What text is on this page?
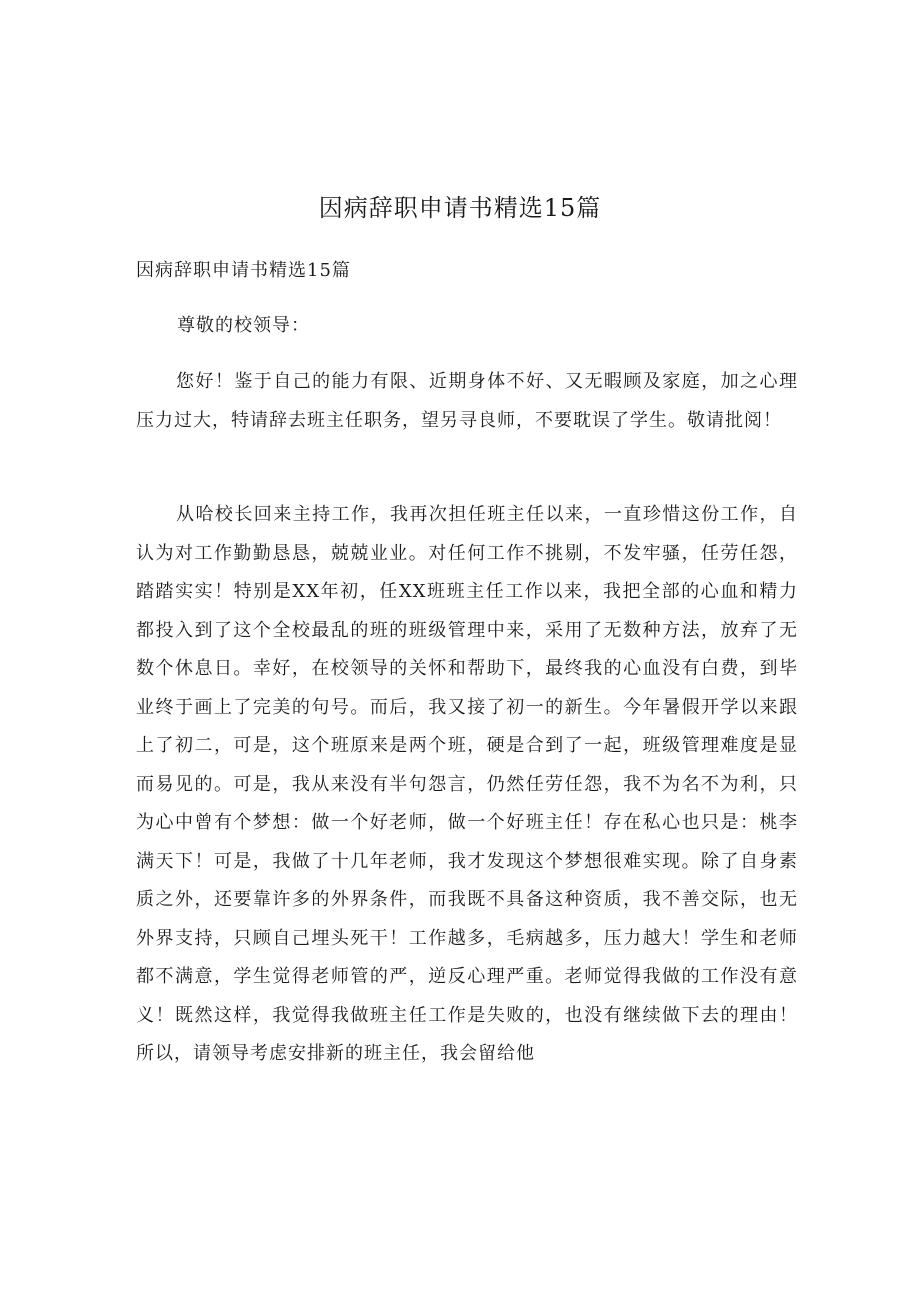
因病辞职申请书精选15篇

因病辞职申请书精选15篇

尊敬的校领导：

您好！鉴于自己的能力有限、近期身体不好、又无暇顾及家庭，加之心理压力过大，特请辞去班主任职务，望另寻良师，不要耽误了学生。敬请批阅！

从哈校长回来主持工作，我再次担任班主任以来，一直珍惜这份工作，自认为对工作勤勤恳恳，兢兢业业。对任何工作不挑剔，不发牢骚，任劳任怨，踏踏实实！特别是XX年初，任XX班班主任工作以来，我把全部的心血和精力都投入到了这个全校最乱的班的班级管理中来，采用了无数种方法，放弃了无数个休息日。幸好，在校领导的关怀和帮助下，最终我的心血没有白费，到毕业终于画上了完美的句号。而后，我又接了初一的新生。今年暑假开学以来跟上了初二，可是，这个班原来是两个班，硬是合到了一起，班级管理难度是显而易见的。可是，我从来没有半句怨言，仍然任劳任怨，我不为名不为利，只为心中曾有个梦想：做一个好老师，做一个好班主任！存在私心也只是：桃李满天下！可是，我做了十几年老师，我才发现这个梦想很难实现。除了自身素质之外，还要靠许多的外界条件，而我既不具备这种资质，我不善交际，也无外界支持，只顾自己埋头死干！工作越多，毛病越多，压力越大！学生和老师都不满意，学生觉得老师管的严，逆反心理严重。老师觉得我做的工作没有意义！既然这样，我觉得我做班主任工作是失败的，也没有继续做下去的理由！所以，请领导考虑安排新的班主任，我会留给他
